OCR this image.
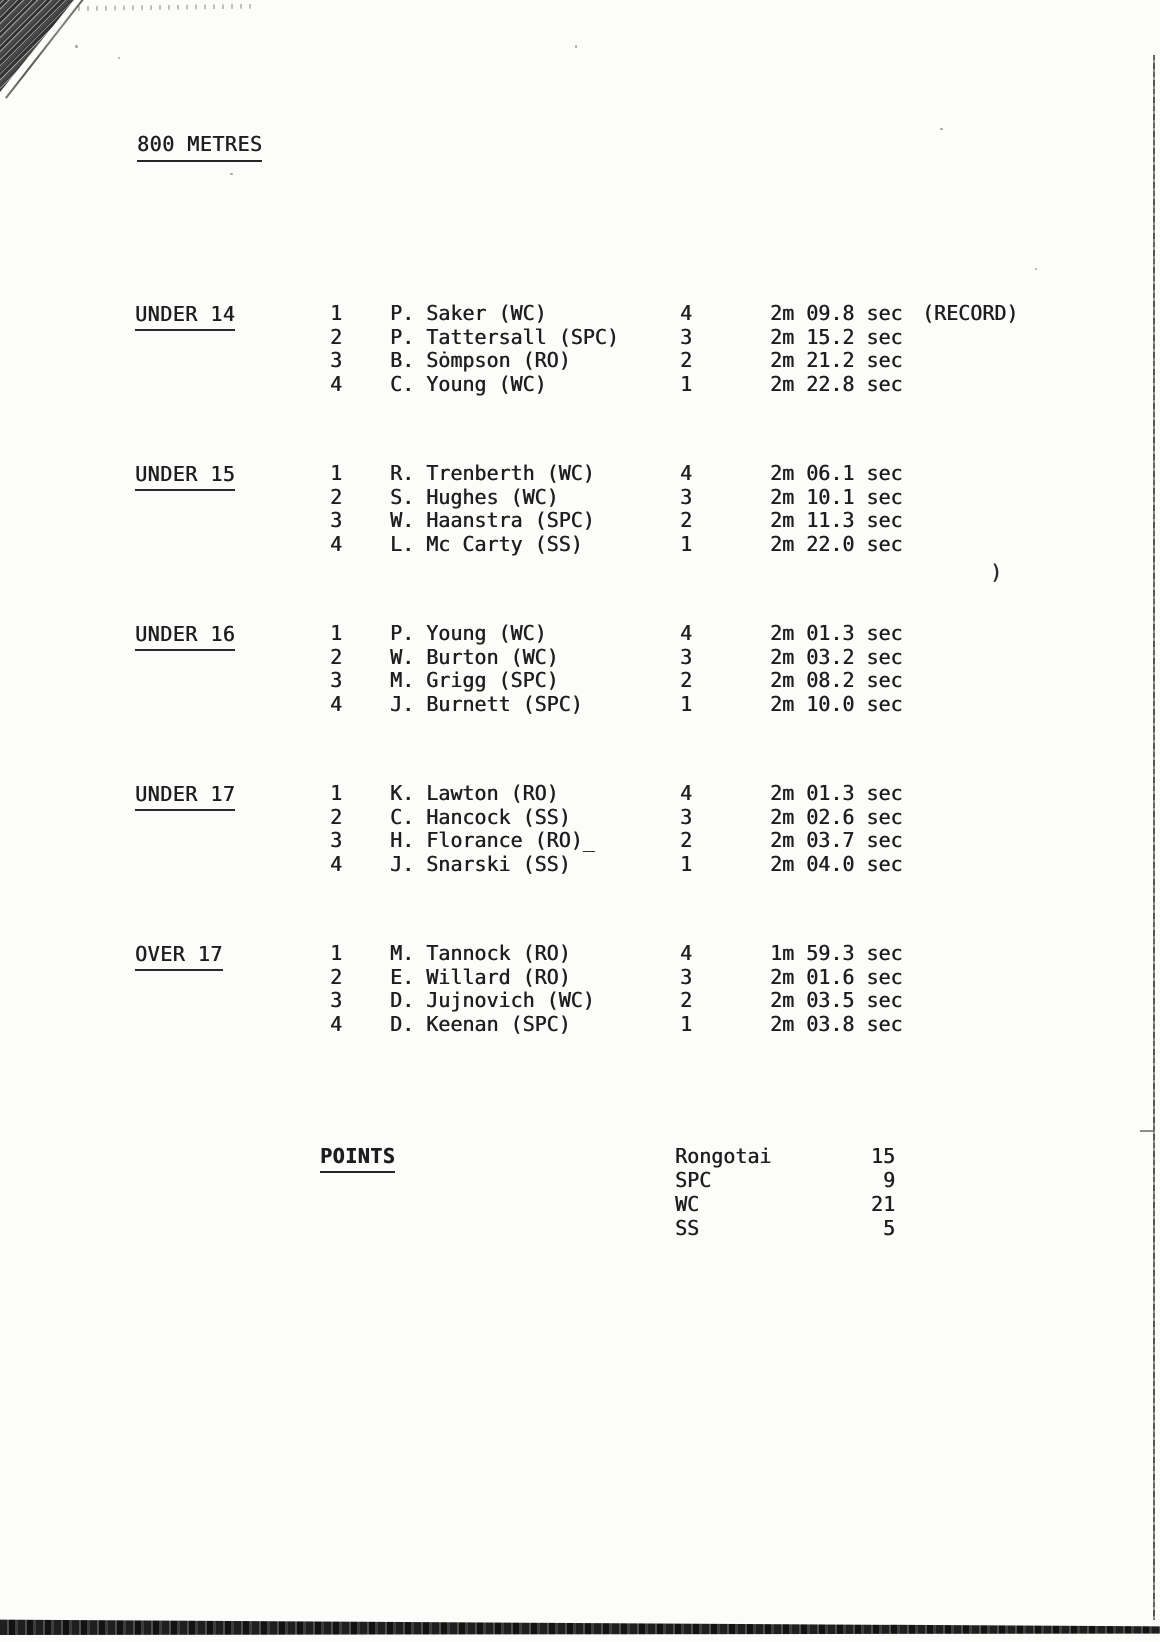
800 METRES
UNDER 14	1	P. Saker (WC)	4	2m 09.8 sec (RECORD)
2	P. Tattersall (SPC)	3	2m 15.2 sec
3	B. Sȯmpson (RO)	2	2m 21.2 sec
4	C. Young (WC)	1	2m 22.8 sec
UNDER 15	1	R. Trenberth (WC)	4	2m 06.1 sec
2	S. Hughes (WC)	3	2m 10.1 sec
3	W. Haanstra (SPC)	2	2m 11.3 sec
4	L. Mc Carty (SS)	1	2m 22.0 sec
UNDER 16	1	P. Young (WC)	4	2m 01.3 sec
2	W. Burton (WC)	3	2m 03.2 sec
3	M. Grigg (SPC)	2	2m 08.2 sec
4	J. Burnett (SPC)	1	2m 10.0 sec
UNDER 17	1	K. Lawton (RO)	4	2m 01.3 sec
2	C. Hancock (SS)	3	2m 02.6 sec
3	H. Florance (RO)_	2	2m 03.7 sec
4	J. Snarski (SS)	1	2m 04.0 sec
OVER 17	1	M. Tannock (RO)	4	1m 59.3 sec
2	E. Willard (RO)	3	2m 01.6 sec
3	D. Jujnovich (WC)	2	2m 03.5 sec
4	D. Keenan (SPC)	1	2m 03.8 sec
POINTS	Rongotai	15
SPC	9
WC	21
SS	5
)
